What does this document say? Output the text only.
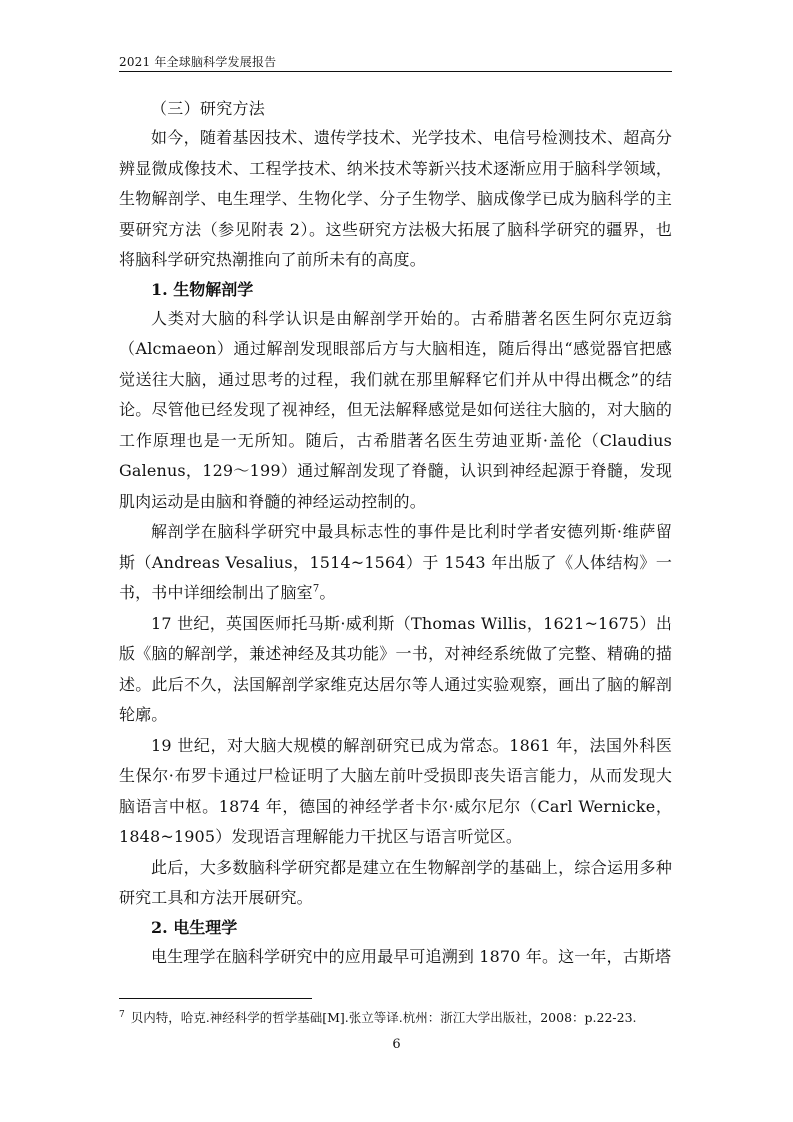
2021 年全球脑科学发展报告
（三）研究方法

如今，随着基因技术、遗传学技术、光学技术、电信号检测技术、超高分辨显微成像技术、工程学技术、纳米技术等新兴技术逐渐应用于脑科学领域，生物解剖学、电生理学、生物化学、分子生物学、脑成像学已成为脑科学的主要研究方法（参见附表 2）。这些研究方法极大拓展了脑科学研究的疆界，也将脑科学研究热潮推向了前所未有的高度。

1. 生物解剖学

人类对大脑的科学认识是由解剖学开始的。古希腊著名医生阿尔克迈翁（Alcmaeon）通过解剖发现眼部后方与大脑相连，随后得出“感觉器官把感觉送往大脑，通过思考的过程，我们就在那里解释它们并从中得出概念”的结论。尽管他已经发现了视神经，但无法解释感觉是如何送往大脑的，对大脑的工作原理也是一无所知。随后，古希腊著名医生劳迪亚斯·盖伦（Claudius Galenus，129～199）通过解剖发现了脊髓，认识到神经起源于脊髓，发现肌肉运动是由脑和脊髓的神经运动控制的。

解剖学在脑科学研究中最具标志性的事件是比利时学者安德列斯·维萨留斯（Andreas Vesalius，1514~1564）于 1543 年出版了《人体结构》一书，书中详细绘制出了脑室$^7$。

17 世纪，英国医师托马斯·威利斯（Thomas Willis，1621~1675）出版《脑的解剖学，兼述神经及其功能》一书，对神经系统做了完整、精确的描述。此后不久，法国解剖学家维克达居尔等人通过实验观察，画出了脑的解剖轮廓。

19 世纪，对大脑大规模的解剖研究已成为常态。1861 年，法国外科医生保尔·布罗卡通过尸检证明了大脑左前叶受损即丧失语言能力，从而发现大脑语言中枢。1874 年，德国的神经学者卡尔·威尔尼尔（Carl Wernicke，1848~1905）发现语言理解能力干扰区与语言听觉区。

此后，大多数脑科学研究都是建立在生物解剖学的基础上，综合运用多种研究工具和方法开展研究。

2. 电生理学

电生理学在脑科学研究中的应用最早可追溯到 1870 年。这一年，古斯塔

$^7$ 贝内特，哈克.神经科学的哲学基础[M].张立等译.杭州：浙江大学出版社，2008：p.22-23.
6
